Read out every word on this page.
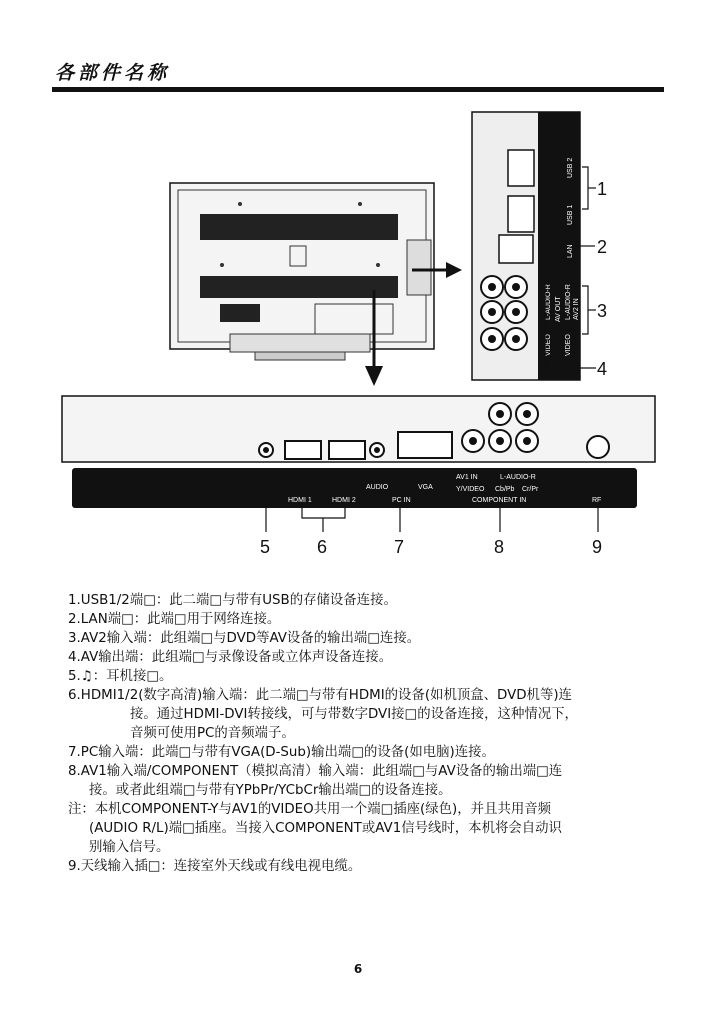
各部件名称
USB 2
USB 1
LAN
L-AUDIO-R AV OUT
VIDEO
L-AUDIO-R AV2 IN
VIDEO
1
2
3
4
HDMI 1	HDMI 2
AUDIO	VGA
PC IN
AV1 IN	L-AUDIO-R
Y/VIDEO Cb/Pb Cr/Pr
COMPONENT IN	RF
5	6	7	8	9

1.USB1/2端□：此二端□与带有USB的存储设备连接。

2.LAN端□：此端□用于网络连接。

3.AV2输入端：此组端□与DVD等AV设备的输出端□连接。

4.AV输出端：此组端□与录像设备或立体声设备连接。

5.♫：耳机接□。

6.HDMI1/2(数字高清)输入端：此二端□与带有HDMI的设备(如机顶盒、DVD机等)连

接。通过HDMI-DVI转接线，可与带数字DVI接□的设备连接，这种情况下，

音频可使用PC的音频端子。

7.PC输入端：此端□与带有VGA(D-Sub)输出端□的设备(如电脑)连接。

8.AV1输入端/COMPONENT（模拟高清）输入端：此组端□与AV设备的输出端□连

接。或者此组端□与带有YPbPr/YCbCr输出端□的设备连接。

注：本机COMPONENT-Y与AV1的VIDEO共用一个端□插座(绿色)，并且共用音频

(AUDIO R/L)端□插座。当接入COMPONENT或AV1信号线时，本机将会自动识

别输入信号。

9.天线输入插□：连接室外天线或有线电视电缆。

6
